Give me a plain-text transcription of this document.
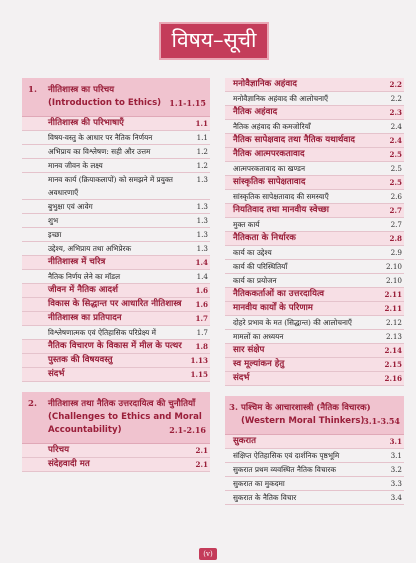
विषय–सूची
1. नीतिशास्त्र का परिचय
(Introduction to Ethics)	1.1-1.15
नीतिशास्त्र की परिभाषाएँ	1.1
विषय-वस्तु के आधार पर नैतिक निर्णयन	1.1
अभिप्राय का विश्लेषण: सही और उत्तम	1.2
मानव जीवन के लक्ष्य	1.2
मानव कार्य (क्रियाकलापों) को समझने में प्रयुक्त अवधारणाएँ
1.3
बुभुक्षा एवं आवेग	1.3
शुभ	1.3
इच्छा	1.3
उद्देश्य, अभिप्राय तथा अभिप्रेरक	1.3
नीतिशास्त्र में चरित्र	1.4
नैतिक निर्णय लेने का मॉडल	1.4
जीवन में नैतिक आदर्श	1.6
विकास के सिद्धान्त पर आधारित नीतिशास्त्र 1.6
नीतिशास्त्र का प्रतिपादन	1.7
विश्लेषणात्मक एवं ऐतिहासिक परिप्रेक्ष्य में	1.7
नैतिक विचारण के विकास में मील के पत्थर 1.8
पुस्तक की विषयवस्तु	1.13
संदर्भ	1.15
2. नीतिशास्त्र तथा नैतिक उत्तरदायित्व की चुनौतियाँ
(Challenges to Ethics and Moral Accountability)	2.1-2.16
परिचय	2.1
संदेहवादी मत	2.1
मनोवैज्ञानिक अहंवाद	2.2
मनोवैज्ञानिक अहंवाद की आलोचनाएँ	2.2
नैतिक अहंवाद	2.3
नैतिक अहंवाद की कमजोरियाँ	2.4
नैतिक सापेक्षवाद तथा नैतिक यथार्थवाद	2.4
नैतिक आत्मपरकतावाद	2.5
आत्मपरकतावाद का खण्डन	2.5
सांस्कृतिक सापेक्षतावाद	2.5
सांस्कृतिक सापेक्षतावाद की समस्याएँ	2.6
नियतिवाद तथा मानवीय स्वेच्छा	2.7
मुक्त कार्य	2.7
नैतिकता के निर्धारक	2.8
कार्य का उद्देश्य	2.9
कार्य की परिस्थितियाँ	2.10
कार्य का प्रयोजन	2.10
नैतिककर्ताओं का उत्तरदायित्व	2.11
मानवीय कार्यों के परिणाम	2.11
दोहरे प्रभाव के मत (सिद्धान्त) की आलोचनाएँ	2.12
मामलों का अध्ययन	2.13
सार संक्षेप	2.14
स्व मूल्यांकन हेतु	2.15
संदर्भ	2.16
3. पश्चिम के आचारशास्त्री (नैतिक विचारक)
(Western Moral Thinkers)
3.1-3.54
सुकरात	3.1
संक्षिप्त ऐतिहासिक एवं दार्शनिक पृष्ठभूमि	3.1
सुकरात प्रथम व्यवस्थित नैतिक विचारक	3.2
सुकरात का मुकदमा	3.3
सुकरात के नैतिक विचार	3.4
(v)
